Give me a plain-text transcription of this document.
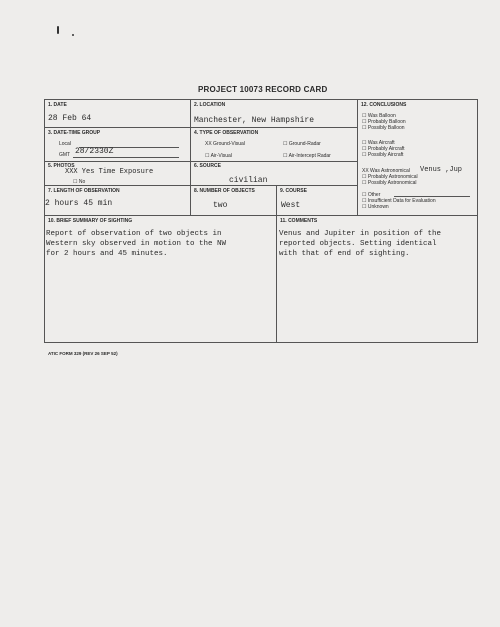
PROJECT 10073 RECORD CARD
1. DATE
28 Feb 64
2. LOCATION
Manchester, New Hampshire
3. DATE-TIME GROUP
Local
GMT 28/2330Z
4. TYPE OF OBSERVATION
XX Ground-Visual	☐ Ground-Radar
☐ Air-Visual	☐ Air-Intercept Radar
5. PHOTOS
XXX Yes Time Exposure
☐ No
6. SOURCE
civilian
7. LENGTH OF OBSERVATION
2 hours 45 min
8. NUMBER OF OBJECTS
two
9. COURSE
West
12. CONCLUSIONS
☐ Was Balloon
☐ Probably Balloon
☐ Possibly Balloon
☐ Was Aircraft
☐ Probably Aircraft
☐ Possibly Aircraft
XX Was Astronomical Venus ,Jup
☐ Probably Astronomical
☐ Possibly Astronomical
☐ Other
☐ Insufficient Data for Evaluation
☐ Unknown
10. BRIEF SUMMARY OF SIGHTING
Report of observation of two objects in
Western sky observed in motion to the NW
for 2 hours and 45 minutes.
11. COMMENTS
Venus and Jupiter in position of the
reported objects. Setting identical
with that of end of sighting.
ATIC FORM 329 (REV 26 SEP 52)
